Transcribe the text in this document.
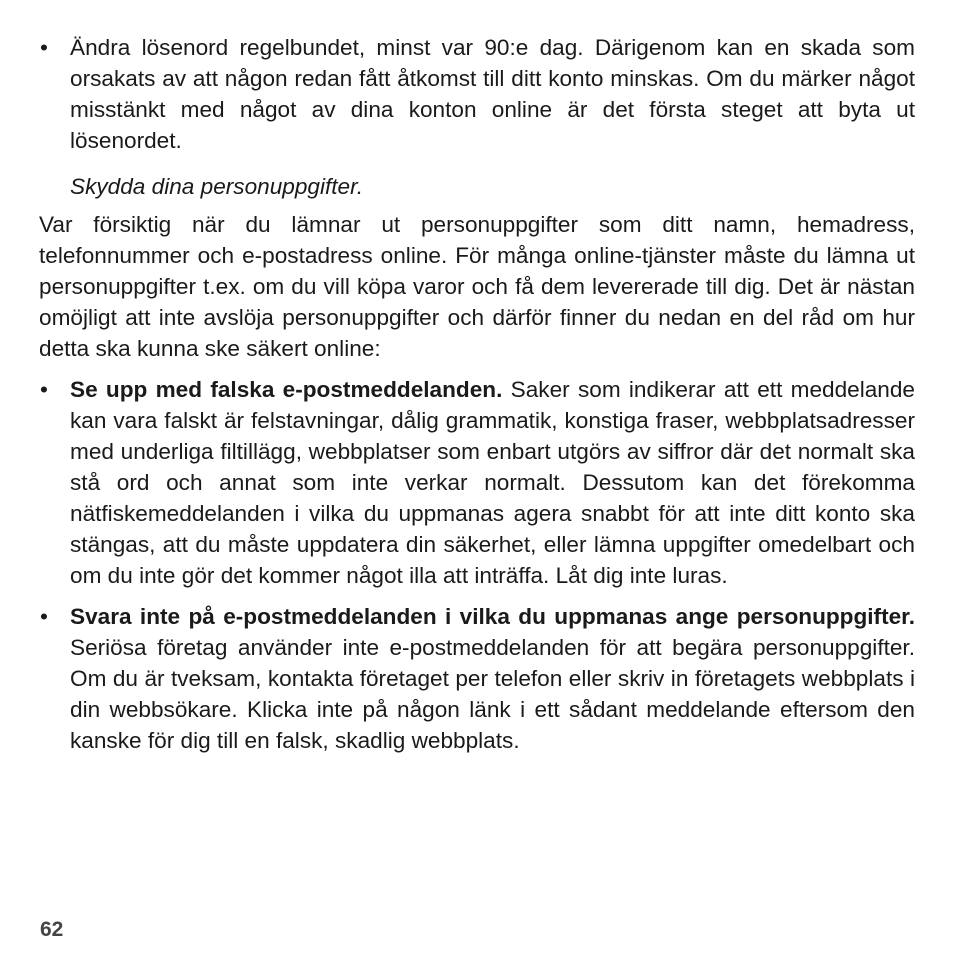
• Ändra lösenord regelbundet, minst var 90:e dag. Därigenom kan en skada som orsakats av att någon redan fått åtkomst till ditt konto minskas. Om du märker något misstänkt med något av dina konton online är det första steget att byta ut lösenordet.
Skydda dina personuppgifter.
Var försiktig när du lämnar ut personuppgifter som ditt namn, hemadress, telefonnummer och e-postadress online. För många online-tjänster måste du lämna ut personuppgifter t.ex. om du vill köpa varor och få dem levererade till dig. Det är nästan omöjligt att inte avslöja personuppgifter och därför finner du nedan en del råd om hur detta ska kunna ske säkert online:
• Se upp med falska e-postmeddelanden. Saker som indikerar att ett meddelande kan vara falskt är felstavningar, dålig grammatik, konstiga fraser, webbplatsadresser med underliga filtillägg, webbplatser som enbart utgörs av siffror där det normalt ska stå ord och annat som inte verkar normalt. Dessutom kan det förekomma nätfiskemeddelanden i vilka du uppmanas agera snabbt för att inte ditt konto ska stängas, att du måste uppdatera din säkerhet, eller lämna uppgifter omedelbart och om du inte gör det kommer något illa att inträffa. Låt dig inte luras.
• Svara inte på e-postmeddelanden i vilka du uppmanas ange personuppgifter. Seriösa företag använder inte e-postmeddelanden för att begära personuppgifter. Om du är tveksam, kontakta företaget per telefon eller skriv in företagets webbplats i din webbsökare. Klicka inte på någon länk i ett sådant meddelande eftersom den kanske för dig till en falsk, skadlig webbplats.
62
